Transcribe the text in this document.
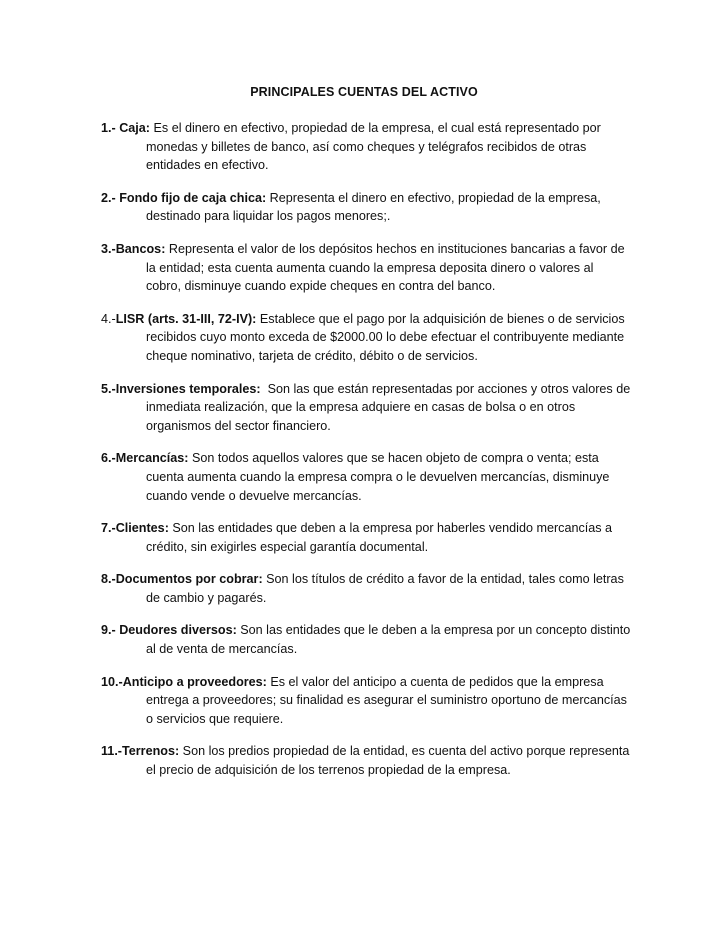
PRINCIPALES CUENTAS DEL ACTIVO

1.- Caja: Es el dinero en efectivo, propiedad de la empresa, el cual está representado por monedas y billetes de banco, así como cheques y telégrafos recibidos de otras entidades en efectivo.

2.- Fondo fijo de caja chica: Representa el dinero en efectivo, propiedad de la empresa, destinado para liquidar los pagos menores;.

3.-Bancos: Representa el valor de los depósitos hechos en instituciones bancarias a favor de la entidad; esta cuenta aumenta cuando la empresa deposita dinero o valores al cobro, disminuye cuando expide cheques en contra del banco.

4.-LISR (arts. 31-III, 72-IV): Establece que el pago por la adquisición de bienes o de servicios recibidos cuyo monto exceda de $2000.00 lo debe efectuar el contribuyente mediante cheque nominativo, tarjeta de crédito, débito o de servicios.

5.-Inversiones temporales:  Son las que están representadas por acciones y otros valores de inmediata realización, que la empresa adquiere en casas de bolsa o en otros organismos del sector financiero.

6.-Mercancías: Son todos aquellos valores que se hacen objeto de compra o venta; esta cuenta aumenta cuando la empresa compra o le devuelven mercancías, disminuye cuando vende o devuelve mercancías.

7.-Clientes: Son las entidades que deben a la empresa por haberles vendido mercancías a crédito, sin exigirles especial garantía documental.

8.-Documentos por cobrar: Son los títulos de crédito a favor de la entidad, tales como letras de cambio y pagarés.

9.- Deudores diversos: Son las entidades que le deben a la empresa por un concepto distinto al de venta de mercancías.

10.-Anticipo a proveedores: Es el valor del anticipo a cuenta de pedidos que la empresa entrega a proveedores; su finalidad es asegurar el suministro oportuno de mercancías o servicios que requiere.

11.-Terrenos: Son los predios propiedad de la entidad, es cuenta del activo porque representa el precio de adquisición de los terrenos propiedad de la empresa.
